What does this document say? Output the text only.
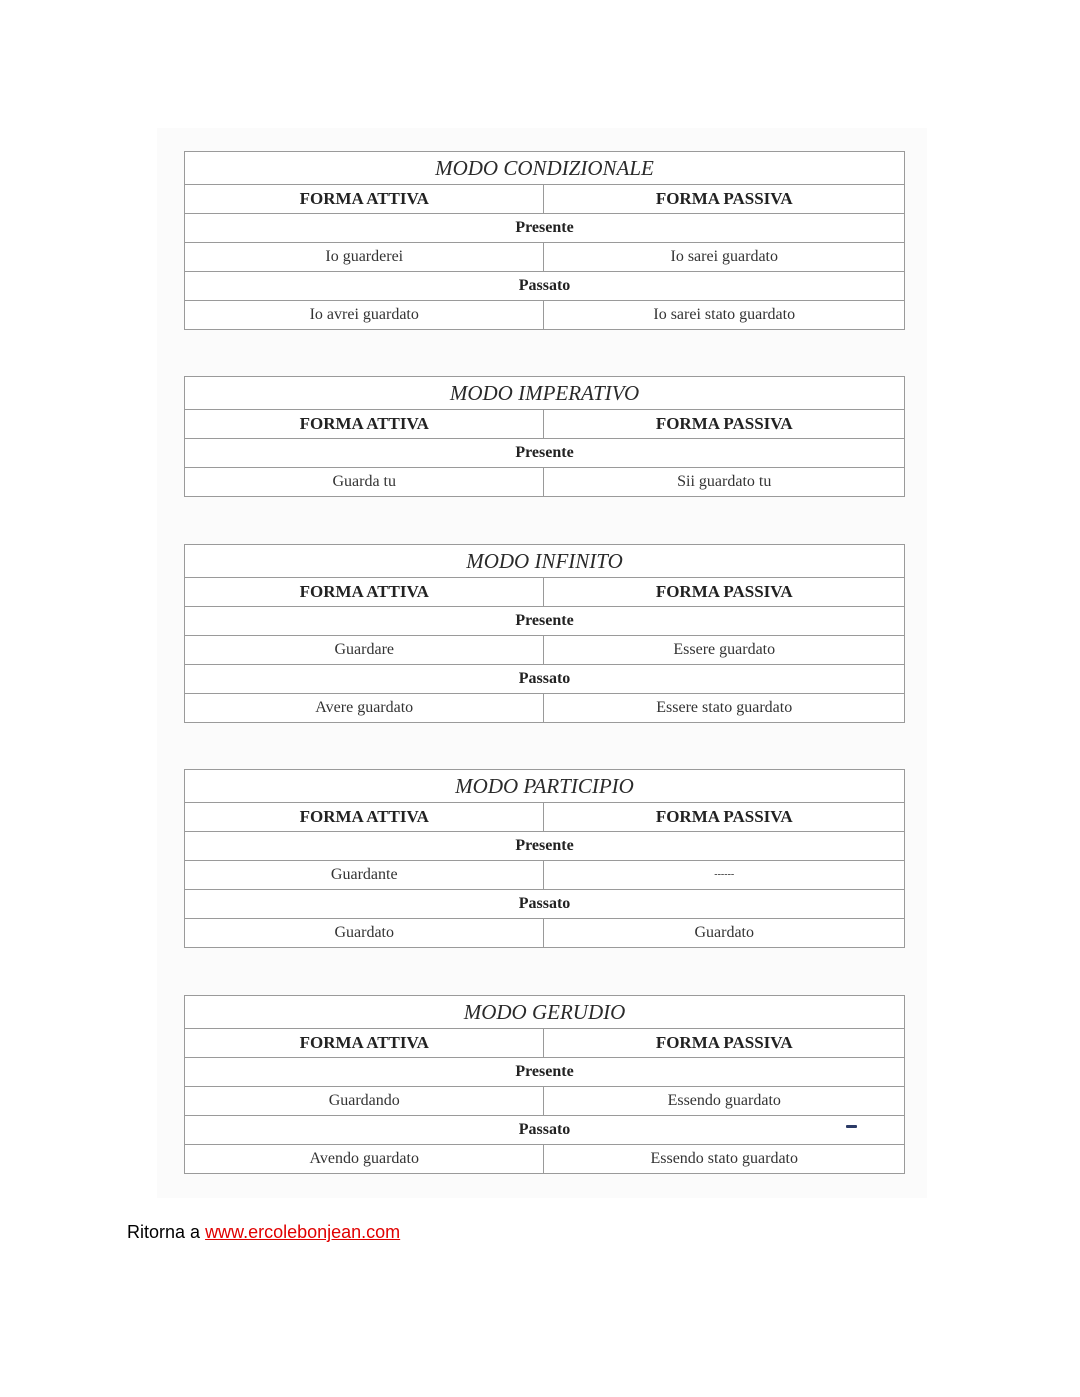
MODO CONDIZIONALE	
FORMA ATTIVA	FORMA PASSIVA
Presente	
Io guarderei	Io sarei guardato
Passato	
Io avrei guardato	Io sarei stato guardato
MODO IMPERATIVO	
FORMA ATTIVA	FORMA PASSIVA
Presente	
Guarda tu	Sii guardato tu
MODO INFINITO	
FORMA ATTIVA	FORMA PASSIVA
Presente	
Guardare	Essere guardato
Passato	
Avere guardato	Essere stato guardato
MODO PARTICIPIO	
FORMA ATTIVA	FORMA PASSIVA
Presente	
Guardante	------
Passato	
Guardato	Guardato
MODO GERUDIO	
FORMA ATTIVA	FORMA PASSIVA
Presente	
Guardando	Essendo guardato
Passato	
Avendo guardato	Essendo stato guardato
Ritorna a www.ercolebonjean.com
